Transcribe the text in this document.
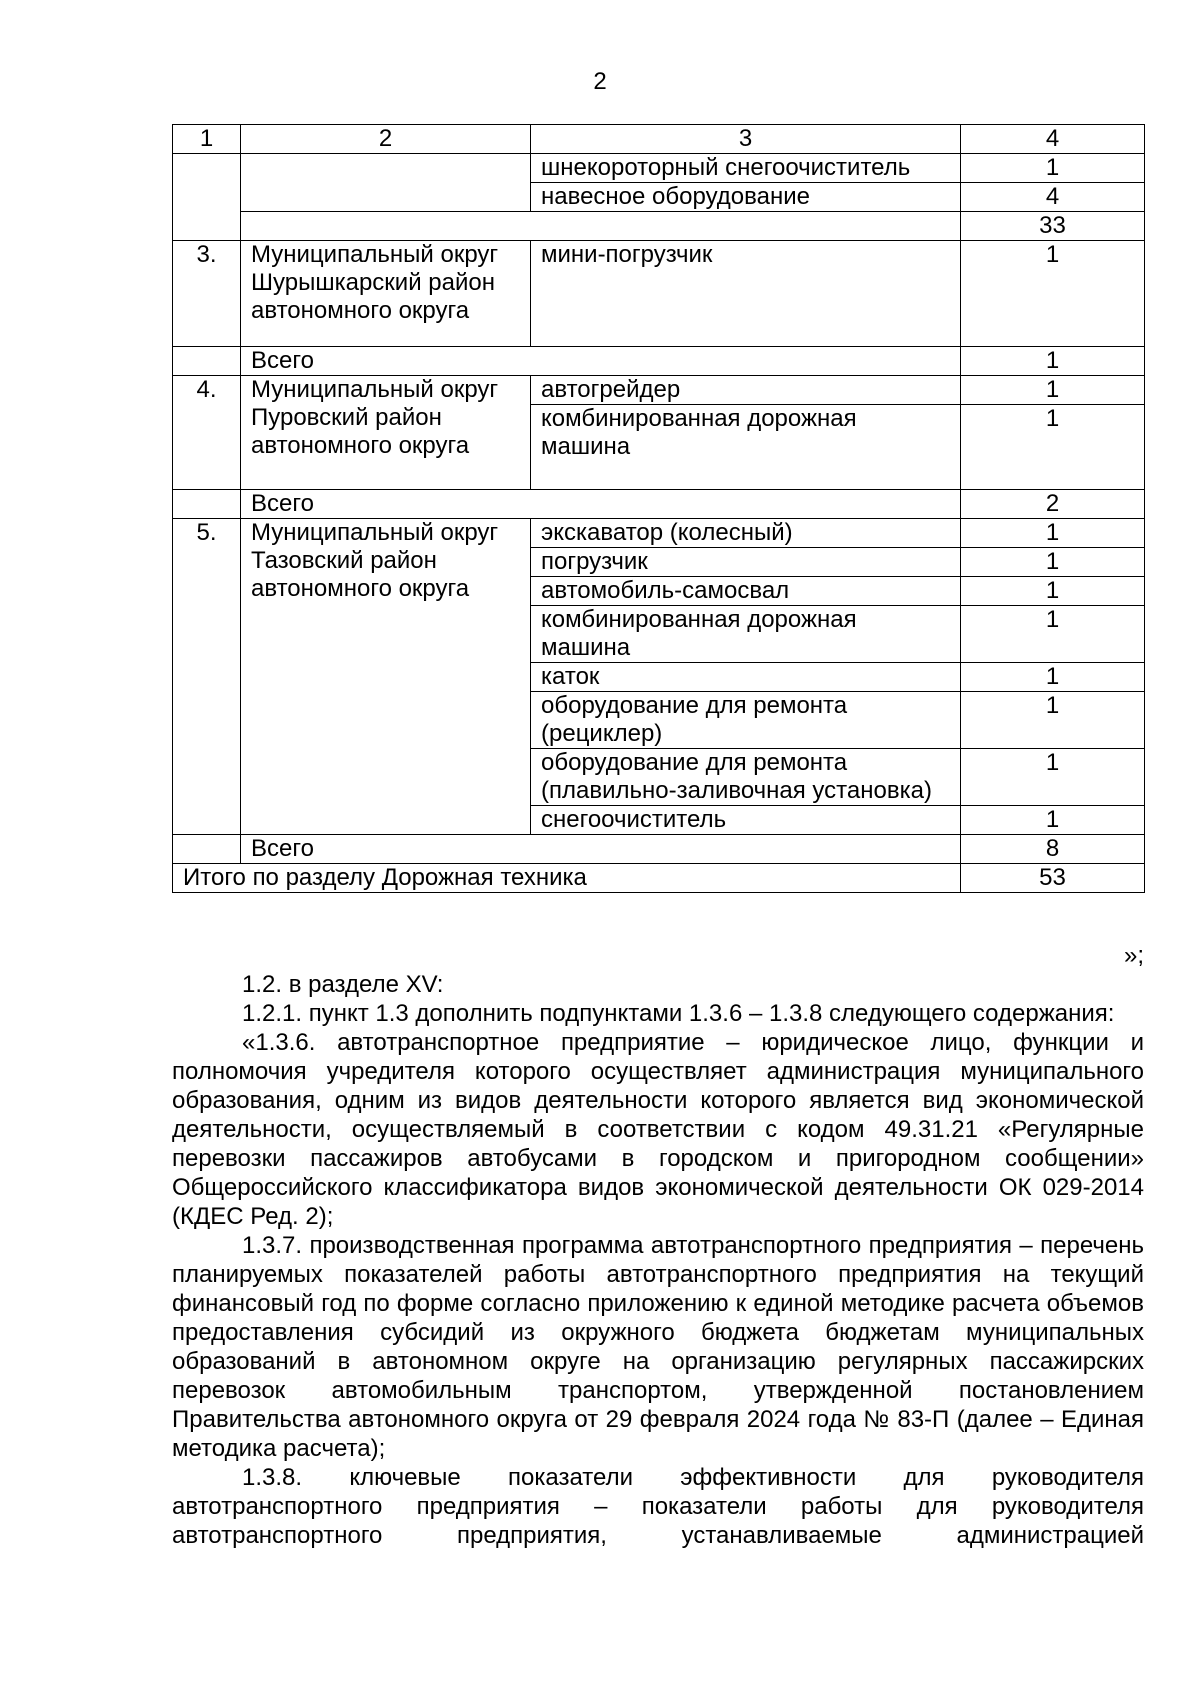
2
1	2	3	4
		шнекороторный снегоочиститель	1
		навесное оборудование	4
			33
3.	Муниципальный округ Шурышкарский район автономного округа	мини-погрузчик	1
	Всего		1
4.	Муниципальный округ Пуровский район автономного округа	автогрейдер	1
		комбинированная дорожная машина	1
	Всего		2
5.	Муниципальный округ Тазовский район автономного округа	экскаватор (колесный)	1
		погрузчик	1
		автомобиль-самосвал	1
		комбинированная дорожная машина	1
		каток	1
		оборудование для ремонта (рециклер)	1
		оборудование для ремонта (плавильно-заливочная установка)	1
		снегоочиститель	1
	Всего		8
Итого по разделу Дорожная техника			53
»;

1.2. в разделе XV:

1.2.1. пункт 1.3 дополнить подпунктами 1.3.6 – 1.3.8 следующего содержания:

«1.3.6. автотранспортное предприятие – юридическое лицо, функции и полномочия учредителя которого осуществляет администрация муниципального образования, одним из видов деятельности которого является вид экономической деятельности, осуществляемый в соответствии с кодом 49.31.21 «Регулярные перевозки пассажиров автобусами в городском и пригородном сообщении» Общероссийского классификатора видов экономической деятельности ОК 029-2014 (КДЕС Ред. 2);

1.3.7. производственная программа автотранспортного предприятия – перечень планируемых показателей работы автотранспортного предприятия на текущий финансовый год по форме согласно приложению к единой методике расчета объемов предоставления субсидий из окружного бюджета бюджетам муниципальных образований в автономном округе на организацию регулярных пассажирских перевозок автомобильным транспортом, утвержденной постановлением Правительства автономного округа от 29 февраля 2024 года № 83-П (далее – Единая методика расчета);

1.3.8. ключевые показатели эффективности для руководителя автотранспортного предприятия – показатели работы для руководителя автотранспортного предприятия, устанавливаемые администрацией
